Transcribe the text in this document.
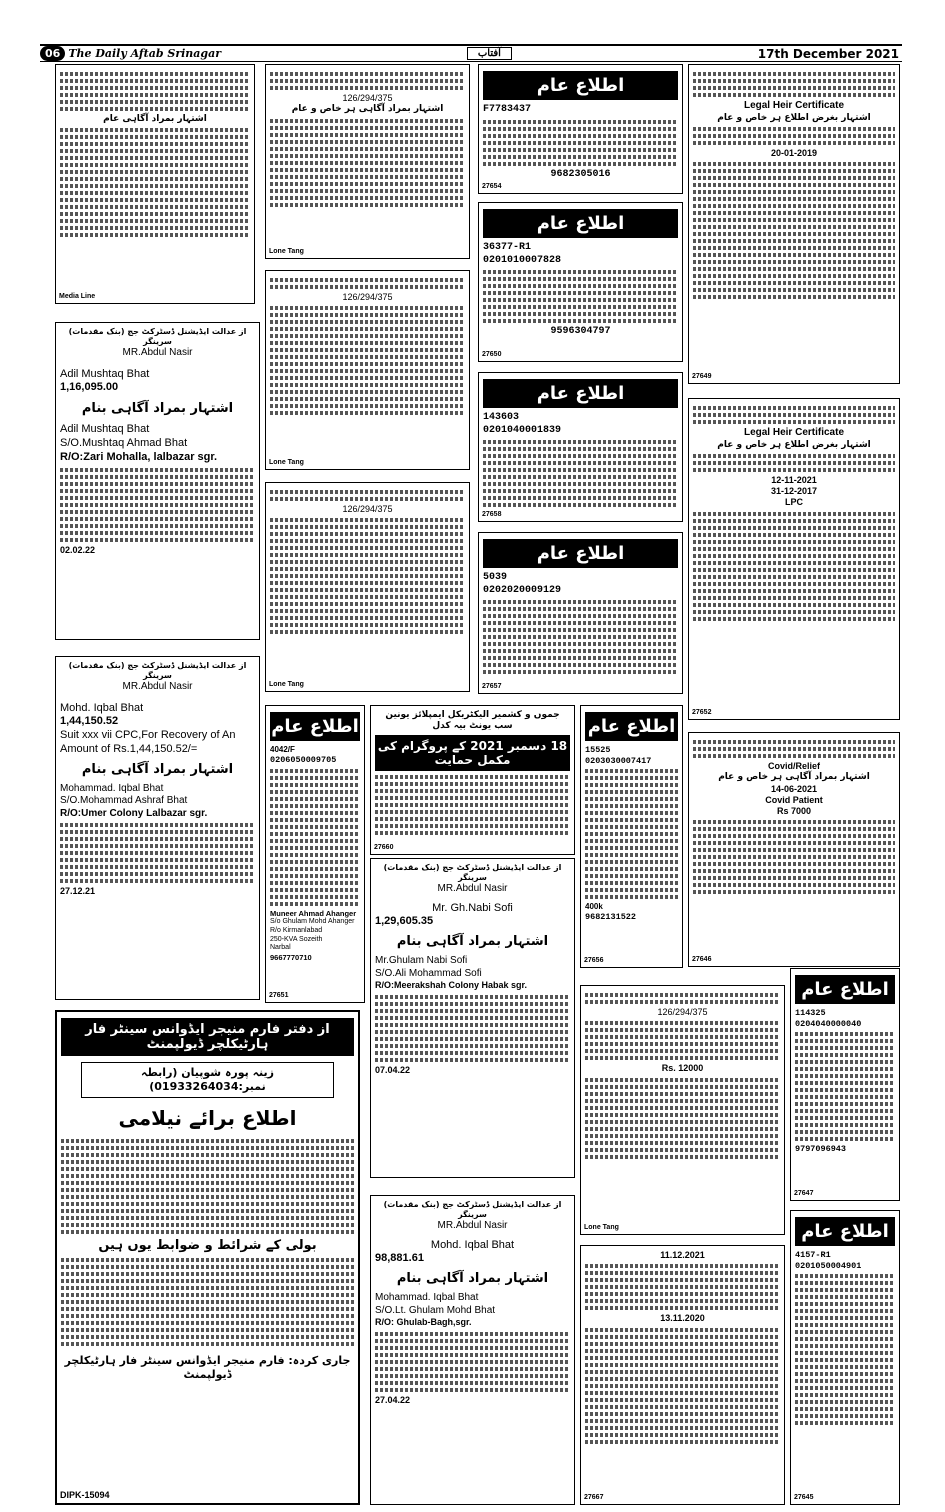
06 The Daily Aftab Srinagar	آفتاب	17th December 2021
اشتہار بمراد آگاہی عام
Media Line
از عدالت ایڈیشنل ڈسٹرکٹ جج (بنک مقدمات) سرینگر
MR.Abdul Nasir
Adil Mushtaq Bhat
1,16,095.00
اشتہار بمراد آگاہی بنام
Adil Mushtaq Bhat
S/O.Mushtaq Ahmad Bhat
R/O:Zari Mohalla, lalbazar sgr.
02.02.22
از عدالت ایڈیشنل ڈسٹرکٹ جج (بنک مقدمات) سرینگر
MR.Abdul Nasir
Mohd. Iqbal Bhat
1,44,150.52
Suit xxx vii CPC,For Recovery of An Amount of Rs.1,44,150.52/=
اشتہار بمراد آگاہی بنام
Mohammad. Iqbal Bhat
S/O.Mohammad Ashraf Bhat
R/O:Umer Colony Lalbazar sgr.
27.12.21
126/294/375
اشتہار بمراد آگاہی ہر خاص و عام
Lone Tang
126/294/375
Lone Tang
126/294/375
Lone Tang
اطلاع عام
4042/F
0206050009705
Muneer Ahmad Ahanger
S/o Ghulam Mohd Ahanger
R/o Kirmanlabad
250-KVA Sozeith
Narbal
9667770710
27651
جموں و کشمیر الیکٹریکل ایمپلائز یونین سب یونٹ بیہ کدل
18 دسمبر 2021 کے پروگرام کی مکمل حمایت
27660
از عدالت ایڈیشنل ڈسٹرکٹ جج (بنک مقدمات) سرینگر
MR.Abdul Nasir
Mr. Gh.Nabi Sofi
1,29,605.35
اشتہار بمراد آگاہی بنام
Mr.Ghulam Nabi Sofi
S/O.Ali Mohammad Sofi
R/O:Meerakshah Colony Habak sgr.
07.04.22
از عدالت ایڈیشنل ڈسٹرکٹ جج (بنک مقدمات) سرینگر
MR.Abdul Nasir
Mohd. Iqbal Bhat
98,881.61
اشتہار بمراد آگاہی بنام
Mohammad. Iqbal Bhat
S/O.Lt. Ghulam Mohd Bhat
R/O: Ghulab-Bagh,sgr.
27.04.22
از دفتر فارم منیجر ایڈوانس سینٹر فار ہارٹیکلچر ڈیولپمنٹ
زینہ پورہ شوپیان (رابطہ نمبر:01933264034)
اطلاع برائے نیلامی
بولی کے شرائط و ضوابط یوں ہیں
جاری کردہ: فارم منیجر ایڈوانس سینٹر فار ہارٹیکلچر ڈیولپمنٹ
DIPK-15094
اطلاع عام
F7783437
9682305016
27654
اطلاع عام
36377-R1
0201010007828
9596304797
27650
اطلاع عام
143603
0201040001839
27658
اطلاع عام
5039
0202020009129
27657
اطلاع عام
15525
0203030007417
400k
9682131522
27656
126/294/375
Rs. 12000
Lone Tang
11.12.2021
13.11.2020
27667
Legal Heir Certificate
اشتہار بغرض اطلاع ہر خاص و عام
20-01-2019
27649
Legal Heir Certificate
اشتہار بغرض اطلاع ہر خاص و عام
12-11-2021
31-12-2017
LPC
27652
Covid/Relief
اشتہار بمراد آگاہی ہر خاص و عام
14-06-2021
Covid Patient
Rs 7000
27646
اطلاع عام
114325
0204040000040
9797096943
27647
اطلاع عام
4157-R1
0201050004901
27645
